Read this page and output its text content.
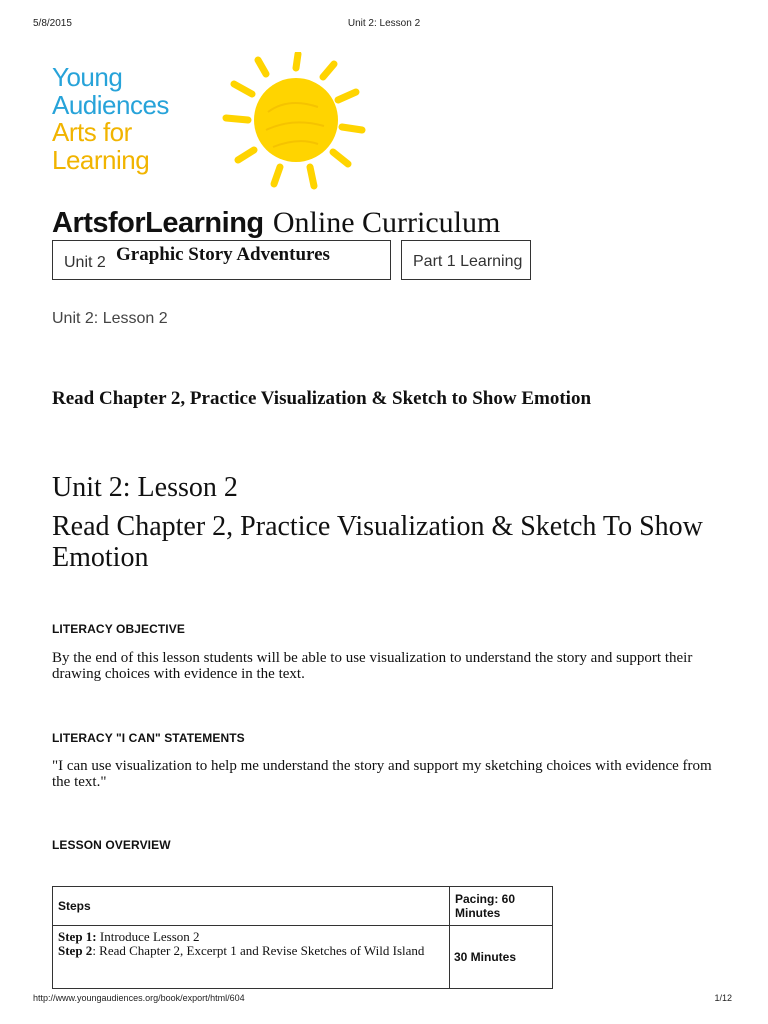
5/8/2015	Unit 2: Lesson 2
Young
Audiences
Arts for
Learning
ArtsforLearning Online Curriculum
Unit 2 Graphic Story Adventures	Part 1 Learning
Unit 2: Lesson 2
Read Chapter 2, Practice Visualization & Sketch to Show Emotion
Unit 2: Lesson 2
Read Chapter 2, Practice Visualization & Sketch To Show Emotion
LITERACY OBJECTIVE
By the end of this lesson students will be able to use visualization to understand the story and support their drawing choices with evidence in the text.
LITERACY "I CAN" STATEMENTS
"I can use visualization to help me understand the story and support my sketching choices with evidence from the text."
LESSON OVERVIEW
Steps	Pacing: 60 Minutes
Step 1: Introduce Lesson 2
Step 2: Read Chapter 2, Excerpt 1 and Revise Sketches of Wild Island	30 Minutes
http://www.youngaudiences.org/book/export/html/604	1/12
